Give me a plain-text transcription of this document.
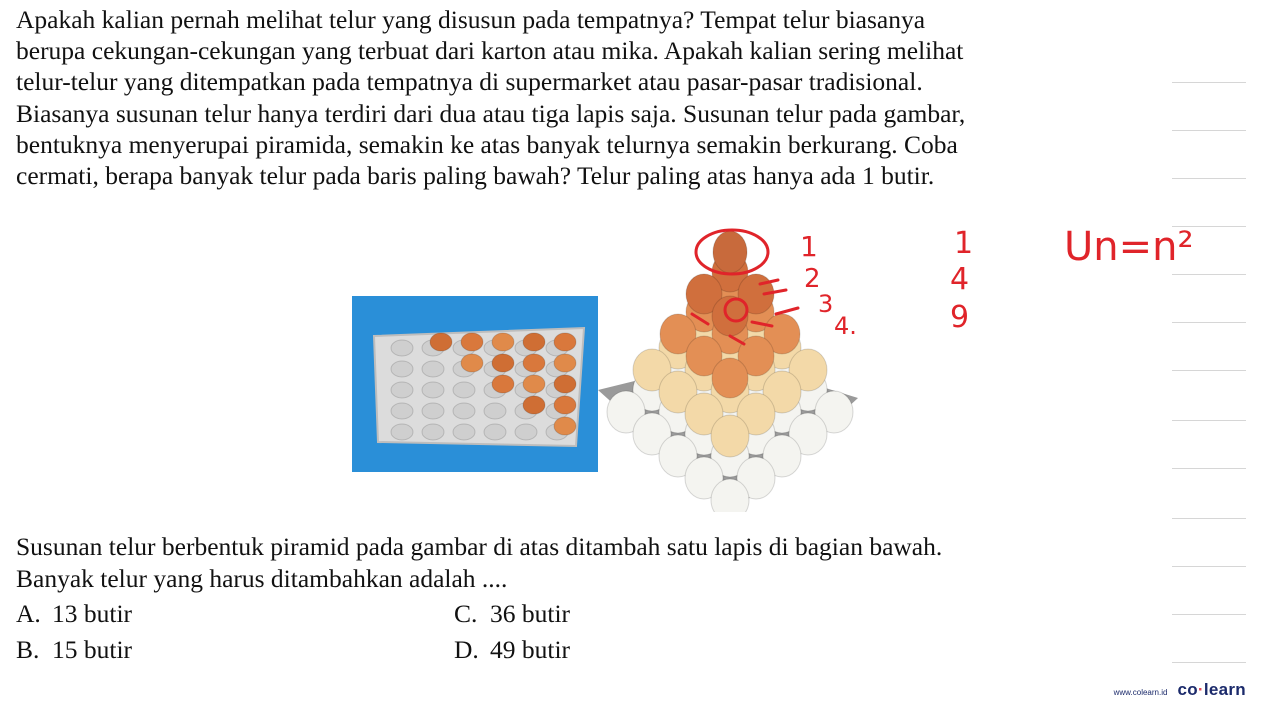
Apakah kalian pernah melihat telur yang disusun pada tempatnya? Tempat telur biasanya
berupa cekungan-cekungan yang terbuat dari karton atau mika. Apakah kalian sering melihat
telur-telur yang ditempatkan pada tempatnya di supermarket atau pasar-pasar tradisional.
Biasanya susunan telur hanya terdiri dari dua atau tiga lapis saja. Susunan telur pada gambar,
bentuknya menyerupai piramida, semakin ke atas banyak telurnya semakin berkurang. Coba
cermati, berapa banyak telur pada baris paling bawah? Telur paling atas hanya ada 1 butir.

1
2
3
4.
1
4
9
Un=n²
Susunan telur berbentuk piramid pada gambar di atas ditambah satu lapis di bagian bawah.
Banyak telur yang harus ditambahkan adalah ....
A. 13 butir
B. 15 butir
C. 36 butir
D. 49 butir
www.colearn.id co·learn
